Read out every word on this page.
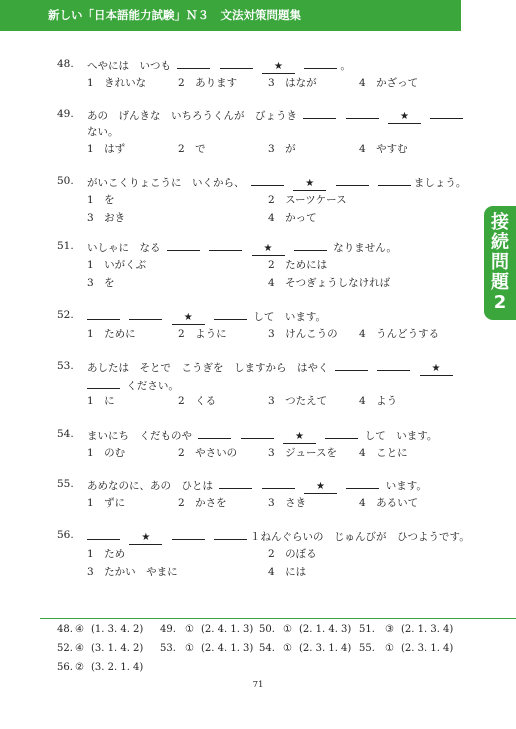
新しい「日本語能力試験」Ｎ３　文法対策問題集
接
続
問
題
2
48.	へやには　いつも	★	。
1　きれいな	2　あります	3　はなが	4　かざって
49.	あの　げんきな　いちろうくんが　びょうき	★
ない。
1　はず	2　で	3　が	4　やすむ
50.	がいこくりょこうに　いくから、	★	ましょう。
1　を	2　スーツケース
3　おき	4　かって
51.	いしゃに　なる	★	なりません。
1　いがくぶ	2　ためには
3　を	4　そつぎょうしなければ
52.	★	して　います。
1　ために	2　ように	3　けんこうの 4　うんどうする
53.	あしたは　そとで　こうぎを　しますから　はやく	★
ください。
1　に	2　くる	3　つたえて	4　よう
54.	まいにち　くだものや	★	して　います。
1　のむ	2　やさいの	3　ジュースを 4　ことに
55.	あめなのに、あの　ひとは	★	います。
1　ずに	2　かさを	3　さき	4　あるいて
56.	★	１ねんぐらいの　じゅんびが　ひつようです。
1　ため	2　のぼる
3　たかい　やまに	4　には
48. ④ (1. 3. 4. 2) 49. ① (2. 4. 1. 3) 50. ① (2. 1. 4. 3) 51. ③ (2. 1. 3. 4)
52. ④ (3. 1. 4. 2) 53. ① (2. 4. 1. 3) 54. ① (2. 3. 1. 4) 55. ① (2. 3. 1. 4)
56. ② (3. 2. 1. 4)
71
